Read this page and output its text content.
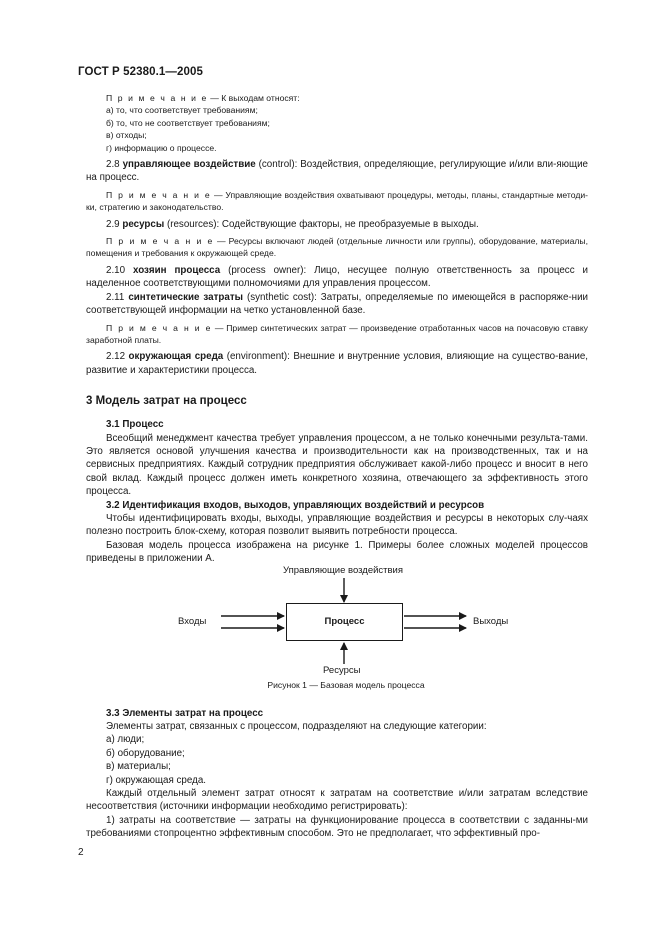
ГОСТ Р 52380.1—2005
П р и м е ч а н и е — К выходам относят:
а) то, что соответствует требованиям;
б) то, что не соответствует требованиям;
в) отходы;
г) информацию о процессе.

2.8 управляющее воздействие (control): Воздействия, определяющие, регулирующие и/или вли-яющие на процесс.

П р и м е ч а н и е — Управляющие воздействия охватывают процедуры, методы, планы, стандартные методи-ки, стратегию и законодательство.

2.9 ресурсы (resources): Содействующие факторы, не преобразуемые в выходы.

П р и м е ч а н и е — Ресурсы включают людей (отдельные личности или группы), оборудование, материалы, помещения и требования к окружающей среде.

2.10 хозяин процесса (process owner): Лицо, несущее полную ответственность за процесс и наделенное соответствующими полномочиями для управления процессом.

2.11 синтетические затраты (synthetic cost): Затраты, определяемые по имеющейся в распоряже-нии соответствующей информации на четко установленной базе.

П р и м е ч а н и е — Пример синтетических затрат — произведение отработанных часов на почасовую ставку заработной платы.

2.12 окружающая среда (environment): Внешние и внутренние условия, влияющие на существо-вание, развитие и характеристики процесса.

3 Модель затрат на процесс
3.1 Процесс

Всеобщий менеджмент качества требует управления процессом, а не только конечными результа-тами. Это является основой улучшения качества и производительности как на производственных, так и на сервисных предприятиях. Каждый сотрудник предприятия обслуживает какой-либо процесс и вносит в него свой вклад. Каждый процесс должен иметь конкретного хозяина, отвечающего за эффективность этого процесса.

3.2 Идентификация входов, выходов, управляющих воздействий и ресурсов

Чтобы идентифицировать входы, выходы, управляющие воздействия и ресурсы в некоторых слу-чаях полезно построить блок-схему, которая позволит выявить потребности процесса.

Базовая модель процесса изображена на рисунке 1. Примеры более сложных моделей процессов приведены в приложении А.

Управляющие воздействия
Входы	Процесс	Выходы
Ресурсы
Рисунок 1 — Базовая модель процесса
3.3 Элементы затрат на процесс

Элементы затрат, связанных с процессом, подразделяют на следующие категории:

а) люди;
б) оборудование;
в) материалы;
г) окружающая среда.

Каждый отдельный элемент затрат относят к затратам на соответствие и/или затратам вследствие несоответствия (источники информации необходимо регистрировать):

1) затраты на соответствие — затраты на функционирование процесса в соответствии с заданны-ми требованиями стопроцентно эффективным способом. Это не предполагает, что эффективный про-

2
